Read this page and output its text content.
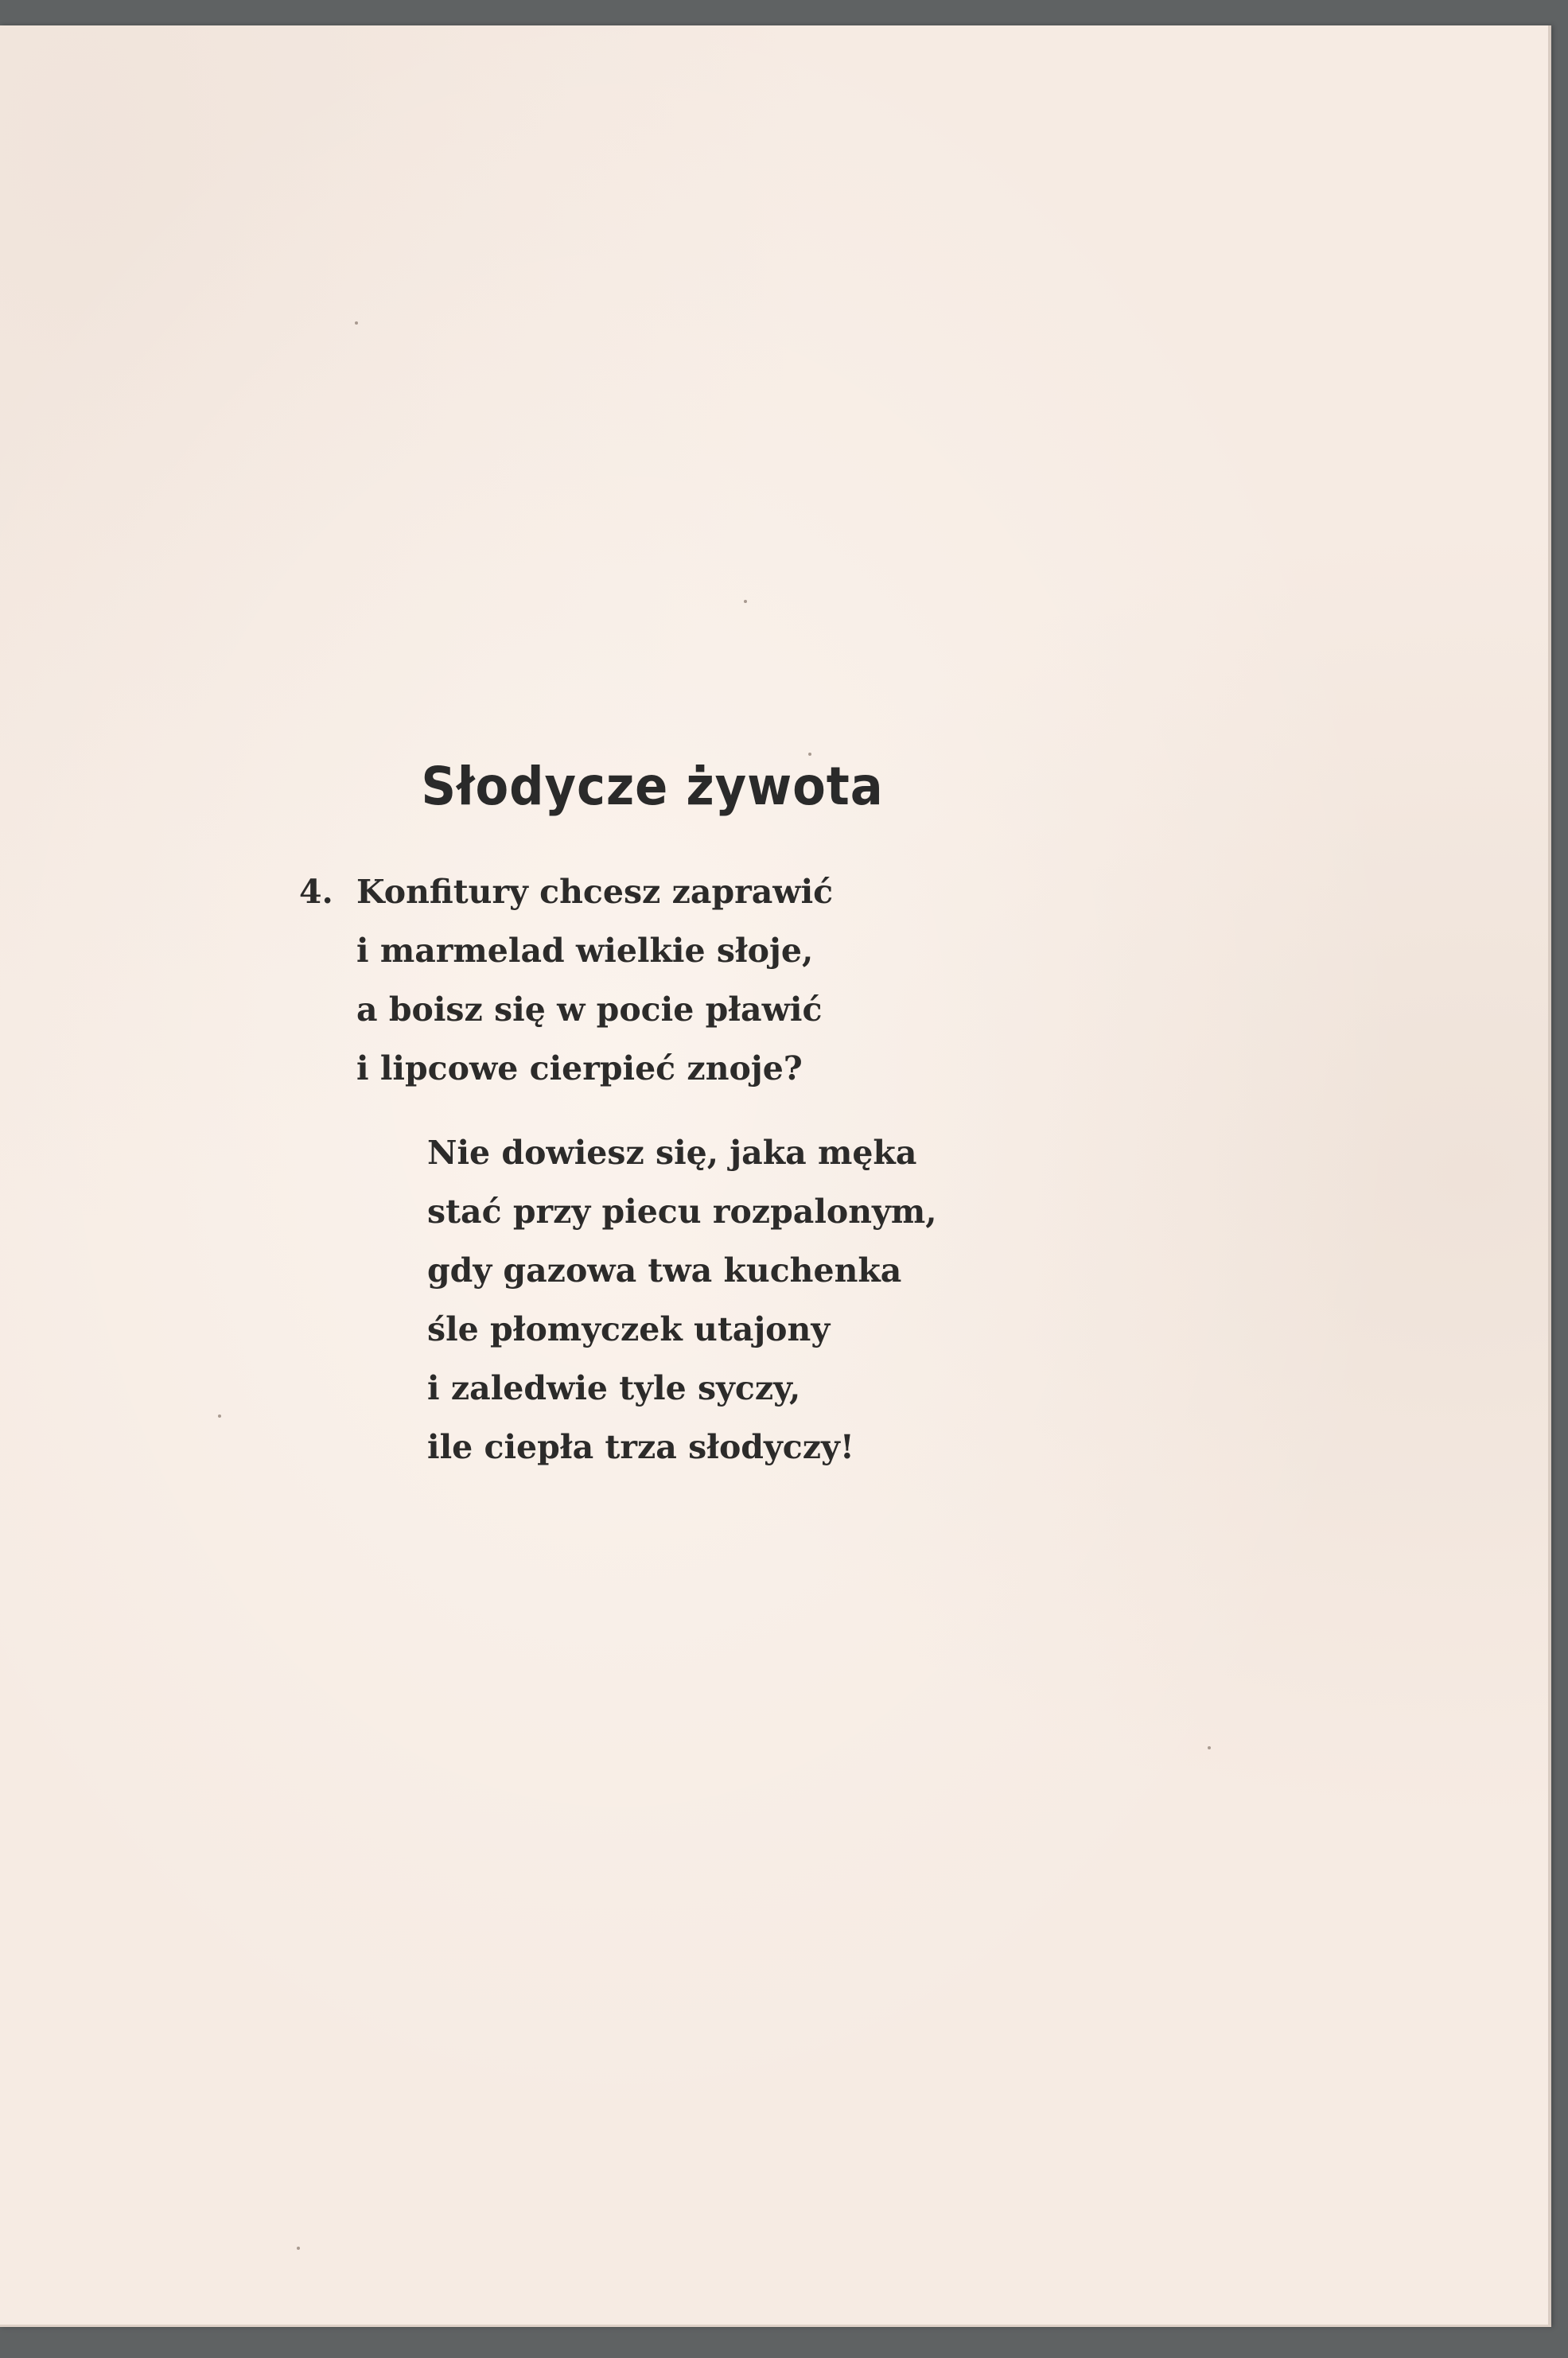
Słodycze żywota
4. Konfitury chcesz zaprawić
i marmelad wielkie słoje,
a boisz się w pocie pławić
i lipcowe cierpieć znoje?
Nie dowiesz się, jaka męka
stać przy piecu rozpalonym,
gdy gazowa twa kuchenka
śle płomyczek utajony
i zaledwie tyle syczy,
ile ciepła trza słodyczy!
